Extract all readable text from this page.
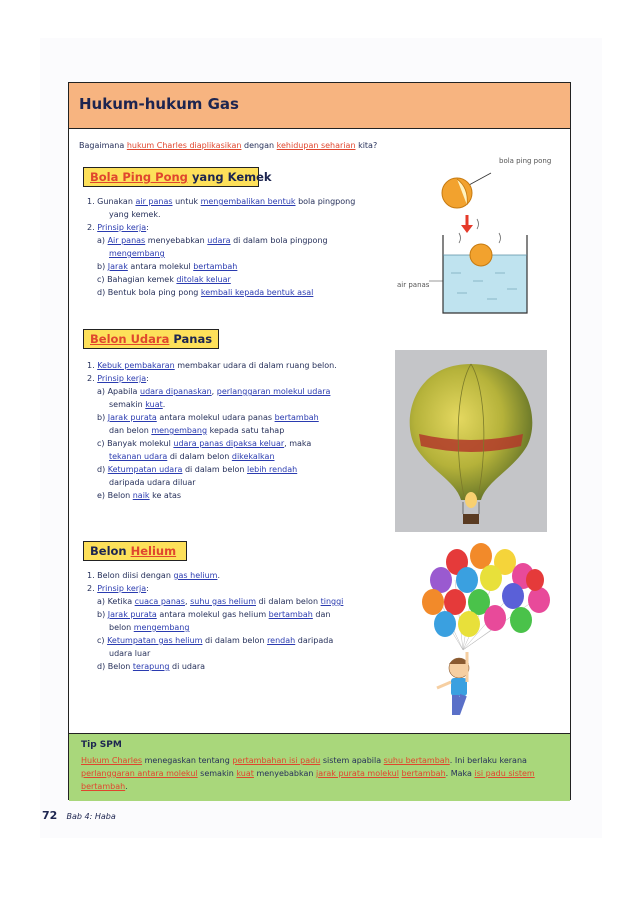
Hukum-hukum Gas
Bagaimana hukum Charles diaplikasikan dengan kehidupan seharian kita?
Bola Ping Pong yang Kemek
1. Gunakan air panas untuk mengembalikan bentuk bola pingpong
yang kemek.
2. Prinsip kerja:
a) Air panas menyebabkan udara di dalam bola pingpong
mengembang
b) Jarak antara molekul bertambah
c) Bahagian kemek ditolak keluar
d) Bentuk bola ping pong kembali kepada bentuk asal
bola ping pong
air panas
Belon Udara Panas
1. Kebuk pembakaran membakar udara di dalam ruang belon.
2. Prinsip kerja:
a) Apabila udara dipanaskan, perlanggaran molekul udara
semakin kuat.
b) Jarak purata antara molekul udara panas bertambah
dan belon mengembang kepada satu tahap
c) Banyak molekul udara panas dipaksa keluar, maka
tekanan udara di dalam belon dikekalkan
d) Ketumpatan udara di dalam belon lebih rendah
daripada udara diluar
e) Belon naik ke atas
Belon Helium
1. Belon diisi dengan gas helium.
2. Prinsip kerja:
a) Ketika cuaca panas, suhu gas helium di dalam belon tinggi
b) Jarak purata antara molekul gas helium bertambah dan
belon mengembang
c) Ketumpatan gas helium di dalam belon rendah daripada
udara luar
d) Belon terapung di udara
Tip SPM
Hukum Charles menegaskan tentang pertambahan isi padu sistem apabila suhu bertambah. Ini berlaku kerana perlanggaran antara molekul semakin kuat menyebabkan jarak purata molekul bertambah. Maka isi padu sistem bertambah.
72 Bab 4: Haba
